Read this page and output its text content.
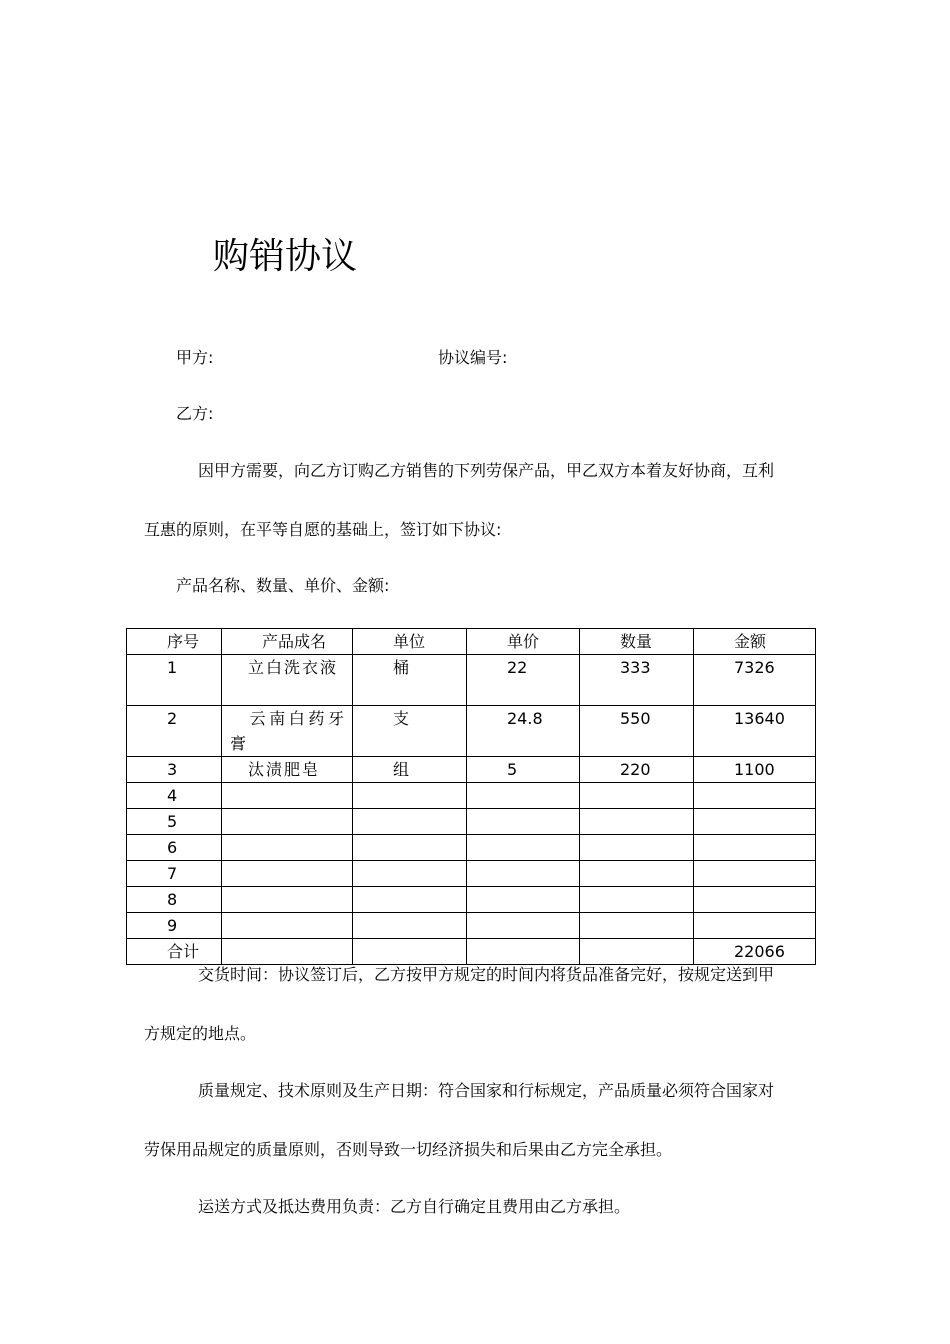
购销协议
甲方:	协议编号:
乙方:
因甲方需要，向乙方订购乙方销售的下列劳保产品，甲乙双方本着友好协商，互利
互惠的原则，在平等自愿的基础上，签订如下协议:
产品名称、数量、单价、金额:
序号	产品成名	单位	单价	数量	金额
1	　立白洗衣液	桶	22	333	7326
2	　云南白药牙膏	支	24.8	550	13640
3	　汰渍肥皂	组	5	220	1100
4					
5					
6					
7					
8					
9					
合计					22066
交货时间：协议签订后，乙方按甲方规定的时间内将货品准备完好，按规定送到甲
方规定的地点。
质量规定、技术原则及生产日期：符合国家和行标规定，产品质量必须符合国家对
劳保用品规定的质量原则，否则导致一切经济损失和后果由乙方完全承担。
运送方式及抵达费用负责：乙方自行确定且费用由乙方承担。
